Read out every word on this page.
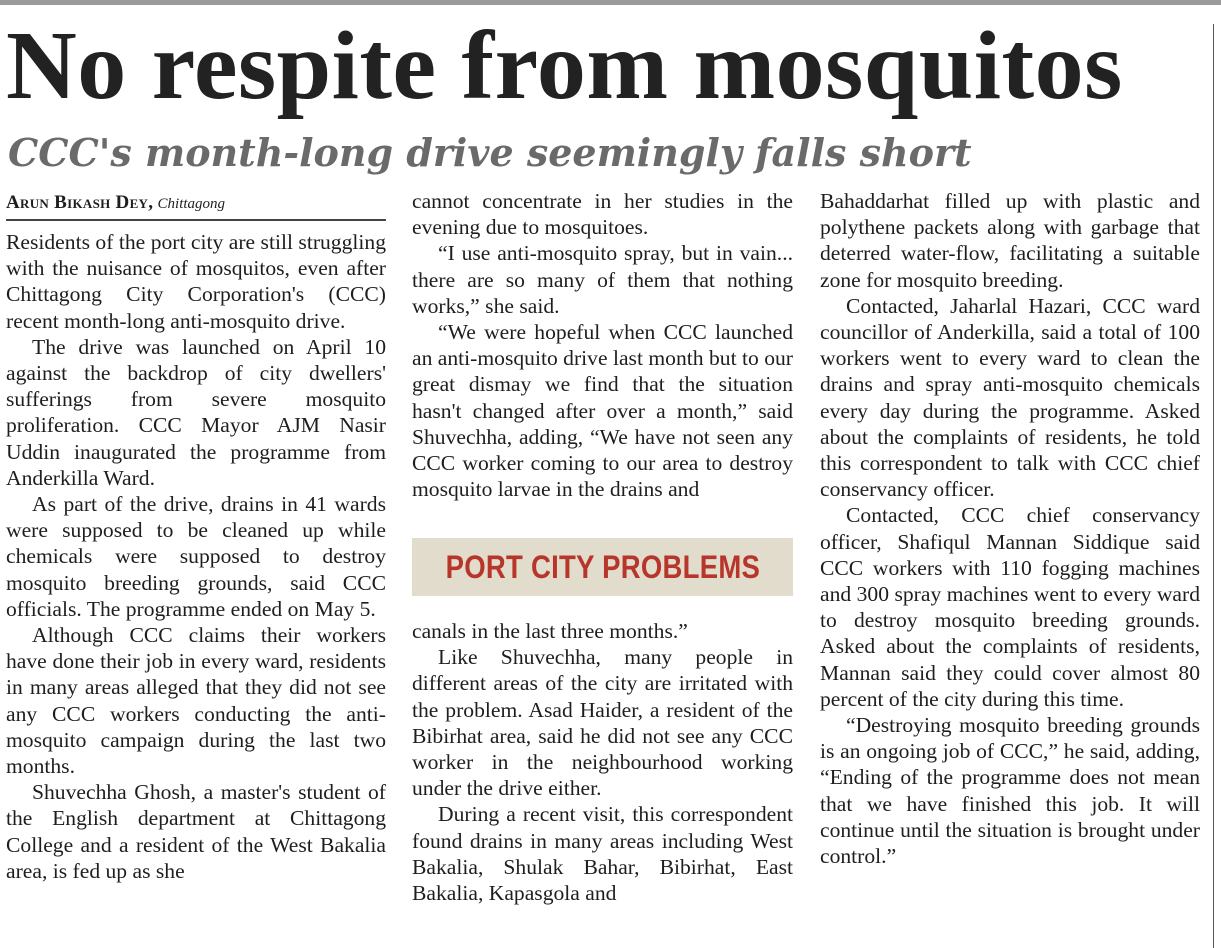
No respite from mosquitos
CCC's month-long drive seemingly falls short
Arun Bikash Dey, Chittagong

Residents of the port city are still struggling with the nuisance of mosquitos, even after Chittagong City Corporation's (CCC) recent month-long anti-mosquito drive.

The drive was launched on April 10 against the backdrop of city dwellers' sufferings from severe mosquito proliferation. CCC Mayor AJM Nasir Uddin inaugurated the programme from Anderkilla Ward.

As part of the drive, drains in 41 wards were supposed to be cleaned up while chemicals were supposed to destroy mosquito breeding grounds, said CCC officials. The programme ended on May 5.

Although CCC claims their workers have done their job in every ward, residents in many areas alleged that they did not see any CCC workers conducting the anti-mosquito campaign during the last two months.

Shuvechha Ghosh, a master's student of the English department at Chittagong College and a resident of the West Bakalia area, is fed up as she

cannot concentrate in her studies in the evening due to mosquitoes.

“I use anti-mosquito spray, but in vain... there are so many of them that nothing works,” she said.

“We were hopeful when CCC launched an anti-mosquito drive last month but to our great dismay we find that the situation hasn't changed after over a month,” said Shuvechha, adding, “We have not seen any CCC worker coming to our area to destroy mosquito larvae in the drains and

PORT CITY PROBLEMS

canals in the last three months.”

Like Shuvechha, many people in different areas of the city are irritated with the problem. Asad Haider, a resident of the Bibirhat area, said he did not see any CCC worker in the neighbourhood working under the drive either.

During a recent visit, this correspondent found drains in many areas including West Bakalia, Shulak Bahar, Bibirhat, East Bakalia, Kapasgola and

Bahaddarhat filled up with plastic and polythene packets along with garbage that deterred water-flow, facilitating a suitable zone for mosquito breeding.

Contacted, Jaharlal Hazari, CCC ward councillor of Anderkilla, said a total of 100 workers went to every ward to clean the drains and spray anti-mosquito chemicals every day during the programme. Asked about the complaints of residents, he told this correspondent to talk with CCC chief conservancy officer.

Contacted, CCC chief conservancy officer, Shafiqul Mannan Siddique said CCC workers with 110 fogging machines and 300 spray machines went to every ward to destroy mosquito breeding grounds. Asked about the complaints of residents, Mannan said they could cover almost 80 percent of the city during this time.

“Destroying mosquito breeding grounds is an ongoing job of CCC,” he said, adding, “Ending of the programme does not mean that we have finished this job. It will continue until the situation is brought under control.”
